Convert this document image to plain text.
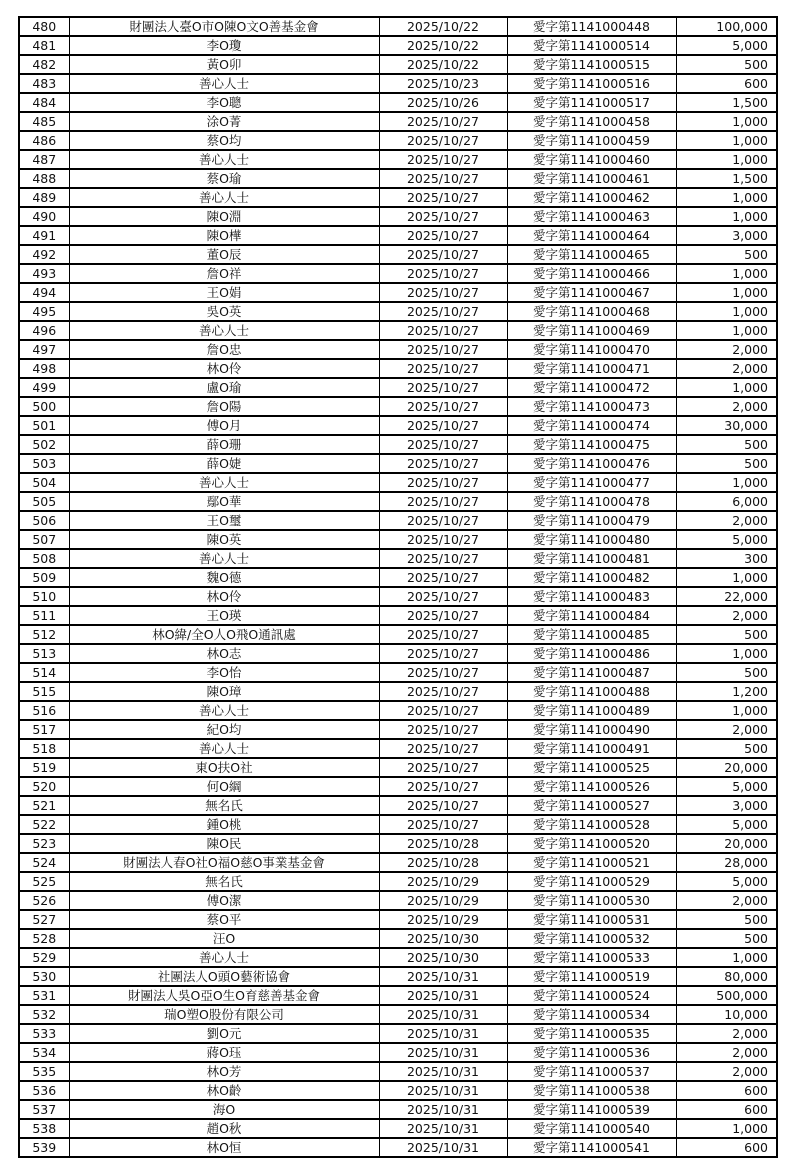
480	財團法人臺O市O陳O文O善基金會	2025/10/22	愛字第1141000448	100,000
481	李O瓊	2025/10/22	愛字第1141000514	5,000
482	黃O卯	2025/10/22	愛字第1141000515	500
483	善心人士	2025/10/23	愛字第1141000516	600
484	李O聰	2025/10/26	愛字第1141000517	1,500
485	涂O菁	2025/10/27	愛字第1141000458	1,000
486	蔡O均	2025/10/27	愛字第1141000459	1,000
487	善心人士	2025/10/27	愛字第1141000460	1,000
488	蔡O瑜	2025/10/27	愛字第1141000461	1,500
489	善心人士	2025/10/27	愛字第1141000462	1,000
490	陳O淵	2025/10/27	愛字第1141000463	1,000
491	陳O樺	2025/10/27	愛字第1141000464	3,000
492	董O辰	2025/10/27	愛字第1141000465	500
493	詹O祥	2025/10/27	愛字第1141000466	1,000
494	王O娟	2025/10/27	愛字第1141000467	1,000
495	吳O英	2025/10/27	愛字第1141000468	1,000
496	善心人士	2025/10/27	愛字第1141000469	1,000
497	詹O忠	2025/10/27	愛字第1141000470	2,000
498	林O伶	2025/10/27	愛字第1141000471	2,000
499	盧O瑜	2025/10/27	愛字第1141000472	1,000
500	詹O陽	2025/10/27	愛字第1141000473	2,000
501	傅O月	2025/10/27	愛字第1141000474	30,000
502	薛O珊	2025/10/27	愛字第1141000475	500
503	薛O婕	2025/10/27	愛字第1141000476	500
504	善心人士	2025/10/27	愛字第1141000477	1,000
505	鄢O華	2025/10/27	愛字第1141000478	6,000
506	王O璽	2025/10/27	愛字第1141000479	2,000
507	陳O英	2025/10/27	愛字第1141000480	5,000
508	善心人士	2025/10/27	愛字第1141000481	300
509	魏O德	2025/10/27	愛字第1141000482	1,000
510	林O伶	2025/10/27	愛字第1141000483	22,000
511	王O瑛	2025/10/27	愛字第1141000484	2,000
512	林O緯/全O人O飛O通訊處	2025/10/27	愛字第1141000485	500
513	林O志	2025/10/27	愛字第1141000486	1,000
514	李O怡	2025/10/27	愛字第1141000487	500
515	陳O璋	2025/10/27	愛字第1141000488	1,200
516	善心人士	2025/10/27	愛字第1141000489	1,000
517	紀O均	2025/10/27	愛字第1141000490	2,000
518	善心人士	2025/10/27	愛字第1141000491	500
519	東O扶O社	2025/10/27	愛字第1141000525	20,000
520	何O綱	2025/10/27	愛字第1141000526	5,000
521	無名氏	2025/10/27	愛字第1141000527	3,000
522	鍾O桃	2025/10/27	愛字第1141000528	5,000
523	陳O民	2025/10/28	愛字第1141000520	20,000
524	財團法人春O社O福O慈O事業基金會	2025/10/28	愛字第1141000521	28,000
525	無名氏	2025/10/29	愛字第1141000529	5,000
526	傅O潔	2025/10/29	愛字第1141000530	2,000
527	蔡O平	2025/10/29	愛字第1141000531	500
528	汪O	2025/10/30	愛字第1141000532	500
529	善心人士	2025/10/30	愛字第1141000533	1,000
530	社團法人O頭O藝術協會	2025/10/31	愛字第1141000519	80,000
531	財團法人吳O亞O生O育慈善基金會	2025/10/31	愛字第1141000524	500,000
532	瑞O塑O股份有限公司	2025/10/31	愛字第1141000534	10,000
533	劉O元	2025/10/31	愛字第1141000535	2,000
534	蔣O珏	2025/10/31	愛字第1141000536	2,000
535	林O芳	2025/10/31	愛字第1141000537	2,000
536	林O齡	2025/10/31	愛字第1141000538	600
537	海O	2025/10/31	愛字第1141000539	600
538	趙O秋	2025/10/31	愛字第1141000540	1,000
539	林O恒	2025/10/31	愛字第1141000541	600
